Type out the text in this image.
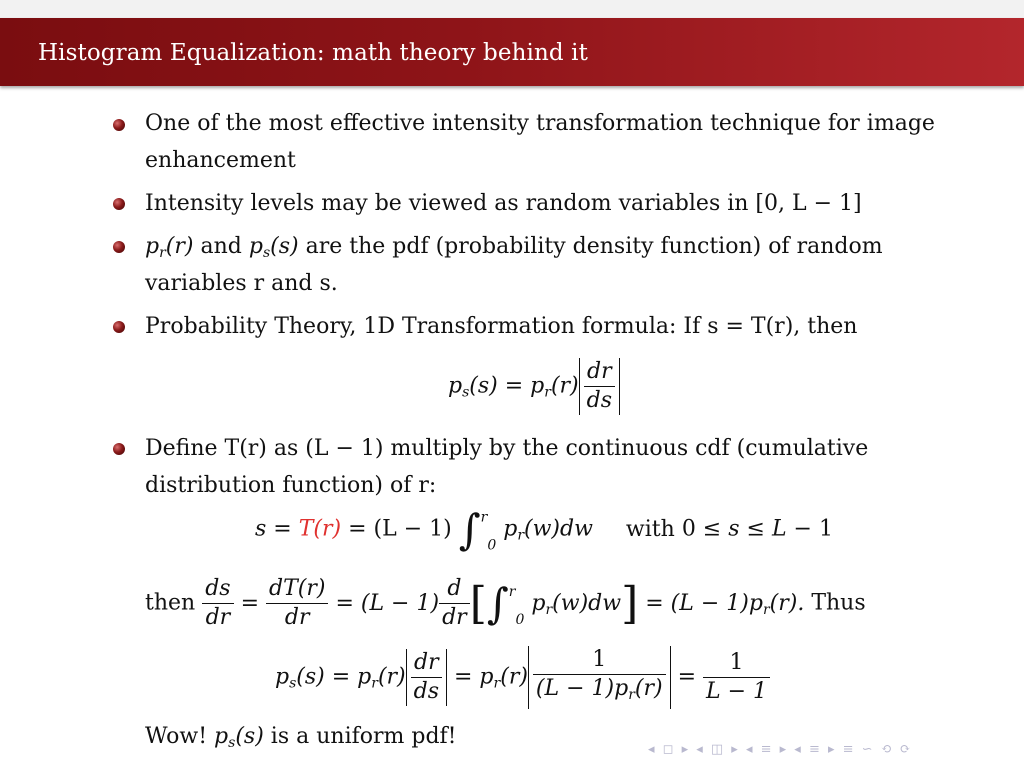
Histogram Equalization: math theory behind it
One of the most effective intensity transformation technique for image
enhancement
Intensity levels may be viewed as random variables in [0, L − 1]
$p_r(r)$ and $p_s(s)$ are the pdf (probability density function) of random
variables r and s.
Probability Theory, 1D Transformation formula: If s = T(r), then
$p_s(s) = p_r(r) \frac{dr}{ds}$
Define T(r) as (L − 1) multiply by the continuous cdf (cumulative
distribution function) of r:
s = T(r) = (L − 1) ∫$^r_0$ $p_r(w)dw$ with 0 ≤ s ≤ L − 1
then $\frac{ds}{dr} = \frac{dT(r)}{dr} = (L - 1) \frac{d}{dr} [\int^r_0$ $p_r(w)dw] = (L - 1)p_r(r)$. Thus
$p_s(s) = p_r(r) \frac{dr}{ds} = p_r(r) \frac{1}{(L - 1)p_r(r)} = \frac{1}{L - 1}$
Wow! $p_s(s)$ is a uniform pdf!
◂ ◻ ▸ ◂ ◫ ▸ ◂ ≡ ▸ ◂ ≡ ▸ ≡ ∽ ⟲ ⟳
